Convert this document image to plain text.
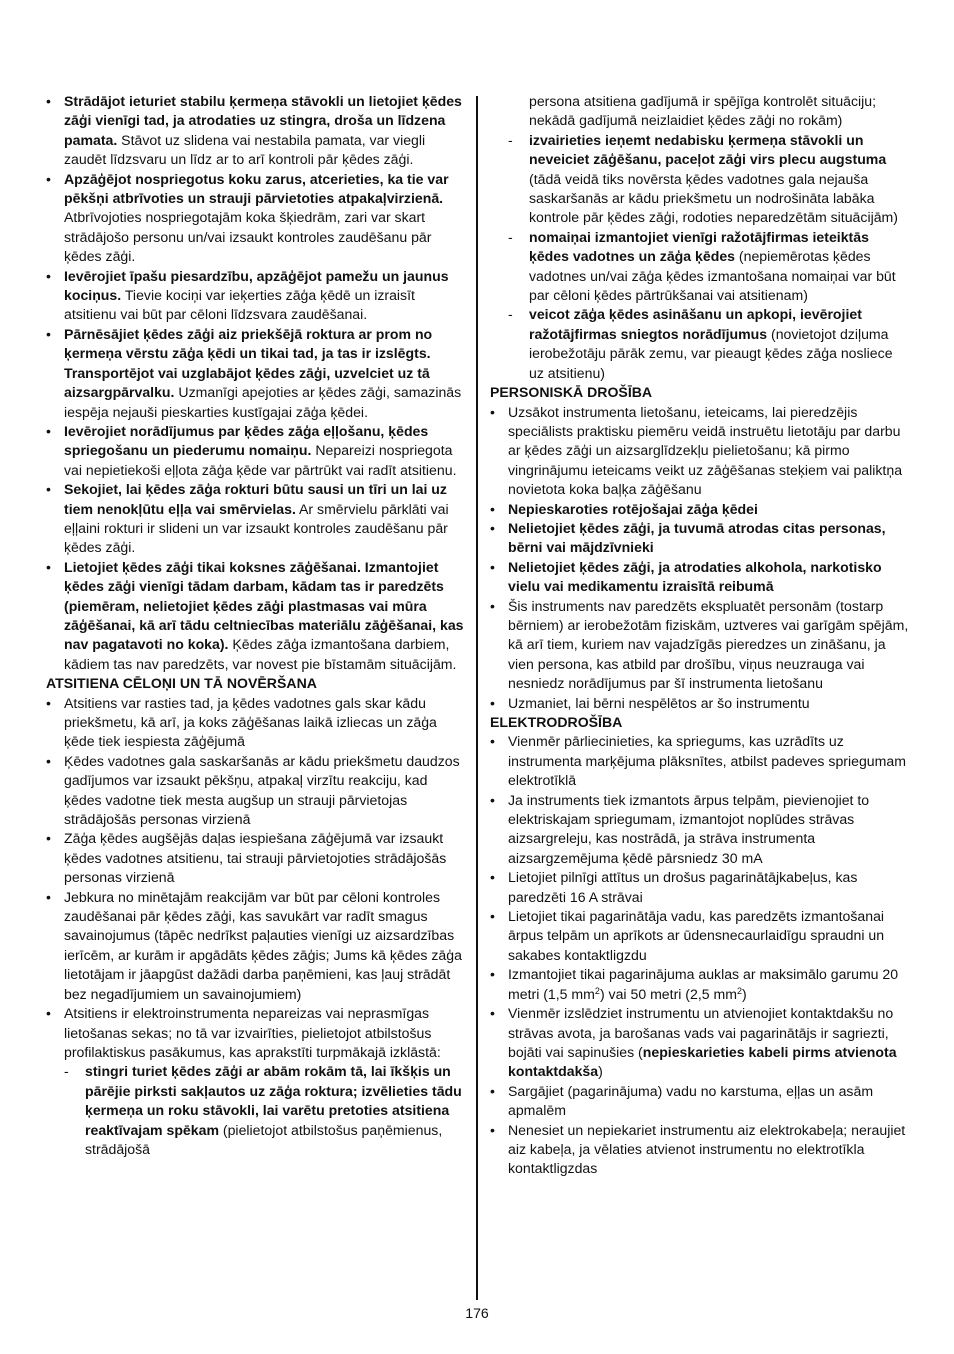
• Strādājot ieturiet stabilu ķermeņa stāvokli un lietojiet ķēdes zāģi vienīgi tad, ja atrodaties uz stingra, droša un līdzena pamata. Stāvot uz slidena vai nestabila pamata, var viegli zaudēt līdzsvaru un līdz ar to arī kontroli pār ķēdes zāģi.
• Apzāģējot nospriegotus koku zarus, atcerieties, ka tie var pēkšņi atbrīvoties un strauji pārvietoties atpakaļvirzienā. Atbrīvojoties nospriegotajām koka šķiedrām, zari var skart strādājošo personu un/vai izsaukt kontroles zaudēšanu pār ķēdes zāģi.
• Ievērojiet īpašu piesardzību, apzāģējot pamežu un jaunus kociņus. Tievie kociņi var ieķerties zāģa ķēdē un izraisīt atsitienu vai būt par cēloni līdzsvara zaudēšanai.
• Pārnēsājiet ķēdes zāģi aiz priekšējā roktura ar prom no ķermeņa vērstu zāģa ķēdi un tikai tad, ja tas ir izslēgts. Transportējot vai uzglabājot ķēdes zāģi, uzvelciet uz tā aizsargpārvalku. Uzmanīgi apejoties ar ķēdes zāģi, samazinās iespēja nejauši pieskarties kustīgajai zāģa ķēdei.
• Ievērojiet norādījumus par ķēdes zāģa eļļošanu, ķēdes spriegošanu un piederumu nomaiņu. Nepareizi nospriegota vai nepietiekoši eļļota zāģa ķēde var pārtrūkt vai radīt atsitienu.
• Sekojiet, lai ķēdes zāģa rokturi būtu sausi un tīri un lai uz tiem nenokļūtu eļļa vai smērvielas. Ar smērvielu pārklāti vai eļļaini rokturi ir slideni un var izsaukt kontroles zaudēšanu pār ķēdes zāģi.
• Lietojiet ķēdes zāģi tikai koksnes zāģēšanai. Izmantojiet ķēdes zāģi vienīgi tādam darbam, kādam tas ir paredzēts (piemēram, nelietojiet ķēdes zāģi plastmasas vai mūra zāģēšanai, kā arī tādu celtniecības materiālu zāģēšanai, kas nav pagatavoti no koka). Ķēdes zāģa izmantošana darbiem, kādiem tas nav paredzēts, var novest pie bīstamām situācijām.
ATSITIENA CĒLOŅI UN TĀ NOVĒRŠANA
• Atsitiens var rasties tad, ja ķēdes vadotnes gals skar kādu priekšmetu, kā arī, ja koks zāģēšanas laikā izliecas un zāģa ķēde tiek iespiesta zāģējumā
• Ķēdes vadotnes gala saskaršanās ar kādu priekšmetu daudzos gadījumos var izsaukt pēkšņu, atpakaļ virzītu reakciju, kad ķēdes vadotne tiek mesta augšup un strauji pārvietojas strādājošās personas virzienā
• Zāģa ķēdes augšējās daļas iespiešana zāģējumā var izsaukt ķēdes vadotnes atsitienu, tai strauji pārvietojoties strādājošās personas virzienā
• Jebkura no minētajām reakcijām var būt par cēloni kontroles zaudēšanai pār ķēdes zāģi, kas savukārt var radīt smagus savainojumus (tāpēc nedrīkst paļauties vienīgi uz aizsardzības ierīcēm, ar kurām ir apgādāts ķēdes zāģis; Jums kā ķēdes zāģa lietotājam ir jāapgūst dažādi darba paņēmieni, kas ļauj strādāt bez negadījumiem un savainojumiem)
• Atsitiens ir elektroinstrumenta nepareizas vai neprasmīgas lietošanas sekas; no tā var izvairīties, pielietojot atbilstošus profilaktiskus pasākumus, kas aprakstīti turpmākajā izklāstā:
- stingri turiet ķēdes zāģi ar abām rokām tā, lai īkšķis un pārējie pirksti sakļautos uz zāģa roktura; izvēlieties tādu ķermeņa un roku stāvokli, lai varētu pretoties atsitiena reaktīvajam spēkam (pielietojot atbilstošus paņēmienus, strādājošā
persona atsitiena gadījumā ir spējīga kontrolēt situāciju; nekādā gadījumā neizlaidiet ķēdes zāģi no rokām)
- izvairieties ieņemt nedabisku ķermeņa stāvokli un neveiciet zāģēšanu, paceļot zāģi virs plecu augstuma (tādā veidā tiks novērsta ķēdes vadotnes gala nejauša saskaršanās ar kādu priekšmetu un nodrošināta labāka kontrole pār ķēdes zāģi, rodoties neparedzētām situācijām)
- nomaiņai izmantojiet vienīgi ražotājfirmas ieteiktās ķēdes vadotnes un zāģa ķēdes (nepiemērotas ķēdes vadotnes un/vai zāģa ķēdes izmantošana nomaiņai var būt par cēloni ķēdes pārtrūkšanai vai atsitienam)
- veicot zāģa ķēdes asināšanu un apkopi, ievērojiet ražotājfirmas sniegtos norādījumus (novietojot dziļuma ierobežotāju pārāk zemu, var pieaugt ķēdes zāģa nosliece uz atsitienu)
PERSONISKĀ DROŠĪBA
• Uzsākot instrumenta lietošanu, ieteicams, lai pieredzējis speciālists praktisku piemēru veidā instruētu lietotāju par darbu ar ķēdes zāģi un aizsarglīdzekļu pielietošanu; kā pirmo vingrinājumu ieteicams veikt uz zāģēšanas steķiem vai paliktņa novietota koka baļķa zāģēšanu
• Nepieskaroties rotējošajai zāģa ķēdei
• Nelietojiet ķēdes zāģi, ja tuvumā atrodas citas personas, bērni vai mājdzīvnieki
• Nelietojiet ķēdes zāģi, ja atrodaties alkohola, narkotisko vielu vai medikamentu izraisītā reibumā
• Šis instruments nav paredzēts ekspluatēt personām (tostarp bērniem) ar ierobežotām fiziskām, uztveres vai garīgām spējām, kā arī tiem, kuriem nav vajadzīgās pieredzes un zināšanu, ja vien persona, kas atbild par drošību, viņus neuzrauga vai nesniedz norādījumus par šī instrumenta lietošanu
• Uzmaniet, lai bērni nespēlētos ar šo instrumentu
ELEKTRODROŠĪBA
• Vienmēr pārliecinieties, ka spriegums, kas uzrādīts uz instrumenta marķējuma plāksnītes, atbilst padeves spriegumam elektrotīklā
• Ja instruments tiek izmantots ārpus telpām, pievienojiet to elektriskajam spriegumam, izmantojot noplūdes strāvas aizsargreleju, kas nostrādā, ja strāva instrumenta aizsargzemējuma ķēdē pārsniedz 30 mA
• Lietojiet pilnīgi attītus un drošus pagarinātājkabeļus, kas paredzēti 16 A strāvai
• Lietojiet tikai pagarinātāja vadu, kas paredzēts izmantošanai ārpus telpām un aprīkots ar ūdensnecaurlaidīgu spraudni un sakabes kontaktligzdu
• Izmantojiet tikai pagarinājuma auklas ar maksimālo garumu 20 metri (1,5 $mm^2$) vai 50 metri (2,5 $mm^2$)
• Vienmēr izslēdziet instrumentu un atvienojiet kontaktdakšu no strāvas avota, ja barošanas vads vai pagarinātājs ir sagriezti, bojāti vai sapinušies (nepieskarieties kabeli pirms atvienota kontaktdakša)
• Sargājiet (pagarinājuma) vadu no karstuma, eļļas un asām apmalēm
• Nenesiet un nepiekariet instrumentu aiz elektrokabeļa; neraujiet aiz kabeļa, ja vēlaties atvienot instrumentu no elektrotīkla kontaktligzdas
176
